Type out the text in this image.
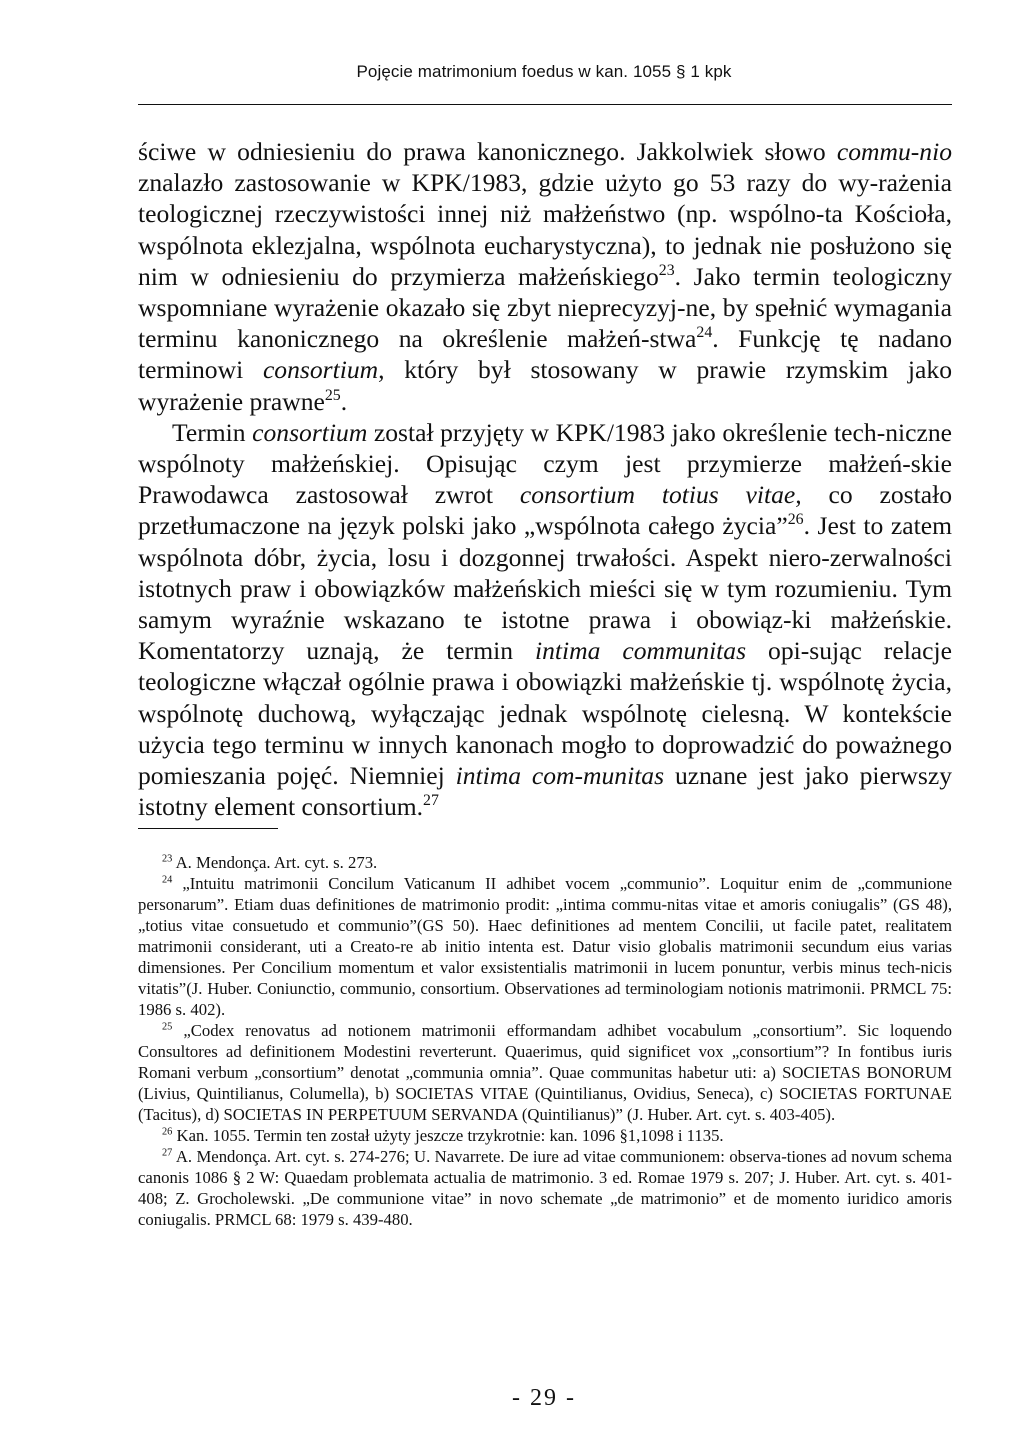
Pojęcie matrimonium foedus w kan. 1055 § 1 kpk

ściwe w odniesieniu do prawa kanonicznego. Jakkolwiek słowo commu-nio znalazło zastosowanie w KPK/1983, gdzie użyto go 53 razy do wy-rażenia teologicznej rzeczywistości innej niż małżeństwo (np. wspólno-ta Kościoła, wspólnota eklezjalna, wspólnota eucharystyczna), to jednak nie posłużono się nim w odniesieniu do przymierza małżeńskiego$^{23}$. Jako termin teologiczny wspomniane wyrażenie okazało się zbyt nieprecyzyj-ne, by spełnić wymagania terminu kanonicznego na określenie małżeń-stwa$^{24}$. Funkcję tę nadano terminowi consortium, który był stosowany w prawie rzymskim jako wyrażenie prawne$^{25}$.

Termin consortium został przyjęty w KPK/1983 jako określenie tech-niczne wspólnoty małżeńskiej. Opisując czym jest przymierze małżeń-skie Prawodawca zastosował zwrot consortium totius vitae, co zostało przetłumaczone na język polski jako „wspólnota całego życia”$^{26}$. Jest to zatem wspólnota dóbr, życia, losu i dozgonnej trwałości. Aspekt niero-zerwalności istotnych praw i obowiązków małżeńskich mieści się w tym rozumieniu. Tym samym wyraźnie wskazano te istotne prawa i obowiąz-ki małżeńskie. Komentatorzy uznają, że termin intima communitas opi-sując relacje teologiczne włączał ogólnie prawa i obowiązki małżeńskie tj. wspólnotę życia, wspólnotę duchową, wyłączając jednak wspólnotę cielesną. W kontekście użycia tego terminu w innych kanonach mogło to doprowadzić do poważnego pomieszania pojęć. Niemniej intima com-munitas uznane jest jako pierwszy istotny element consortium.$^{27}$

$^{23}$ A. Mendonça. Art. cyt. s. 273.

$^{24}$ „Intuitu matrimonii Concilum Vaticanum II adhibet vocem „communio”. Loquitur enim de „communione personarum”. Etiam duas definitiones de matrimonio prodit: „intima commu-nitas vitae et amoris coniugalis” (GS 48), „totius vitae consuetudo et communio”(GS 50). Haec definitiones ad mentem Concilii, ut facile patet, realitatem matrimonii considerant, uti a Creato-re ab initio intenta est. Datur visio globalis matrimonii secundum eius varias dimensiones. Per Concilium momentum et valor exsistentialis matrimonii in lucem ponuntur, verbis minus tech-nicis vitatis”(J. Huber. Coniunctio, communio, consortium. Observationes ad terminologiam notionis matrimonii. PRMCL 75: 1986 s. 402).

$^{25}$ „Codex renovatus ad notionem matrimonii efformandam adhibet vocabulum „consortium”. Sic loquendo Consultores ad definitionem Modestini reverterunt. Quaerimus, quid significet vox „consortium”? In fontibus iuris Romani verbum „consortium” denotat „communia omnia”. Quae communitas habetur uti: a) SOCIETAS BONORUM (Livius, Quintilianus, Columella), b) SOCIETAS VITAE (Quintilianus, Ovidius, Seneca), c) SOCIETAS FORTUNAE (Tacitus), d) SOCIETAS IN PERPETUUM SERVANDA (Quintilianus)” (J. Huber. Art. cyt. s. 403-405).

$^{26}$ Kan. 1055. Termin ten został użyty jeszcze trzykrotnie: kan. 1096 §1,1098 i 1135.

$^{27}$ A. Mendonça. Art. cyt. s. 274-276; U. Navarrete. De iure ad vitae communionem: observa-tiones ad novum schema canonis 1086 § 2 W: Quaedam problemata actualia de matrimonio. 3 ed. Romae 1979 s. 207; J. Huber. Art. cyt. s. 401-408; Z. Grocholewski. „De communione vitae” in novo schemate „de matrimonio” et de momento iuridico amoris coniugalis. PRMCL 68: 1979 s. 439-480.

- 29 -
